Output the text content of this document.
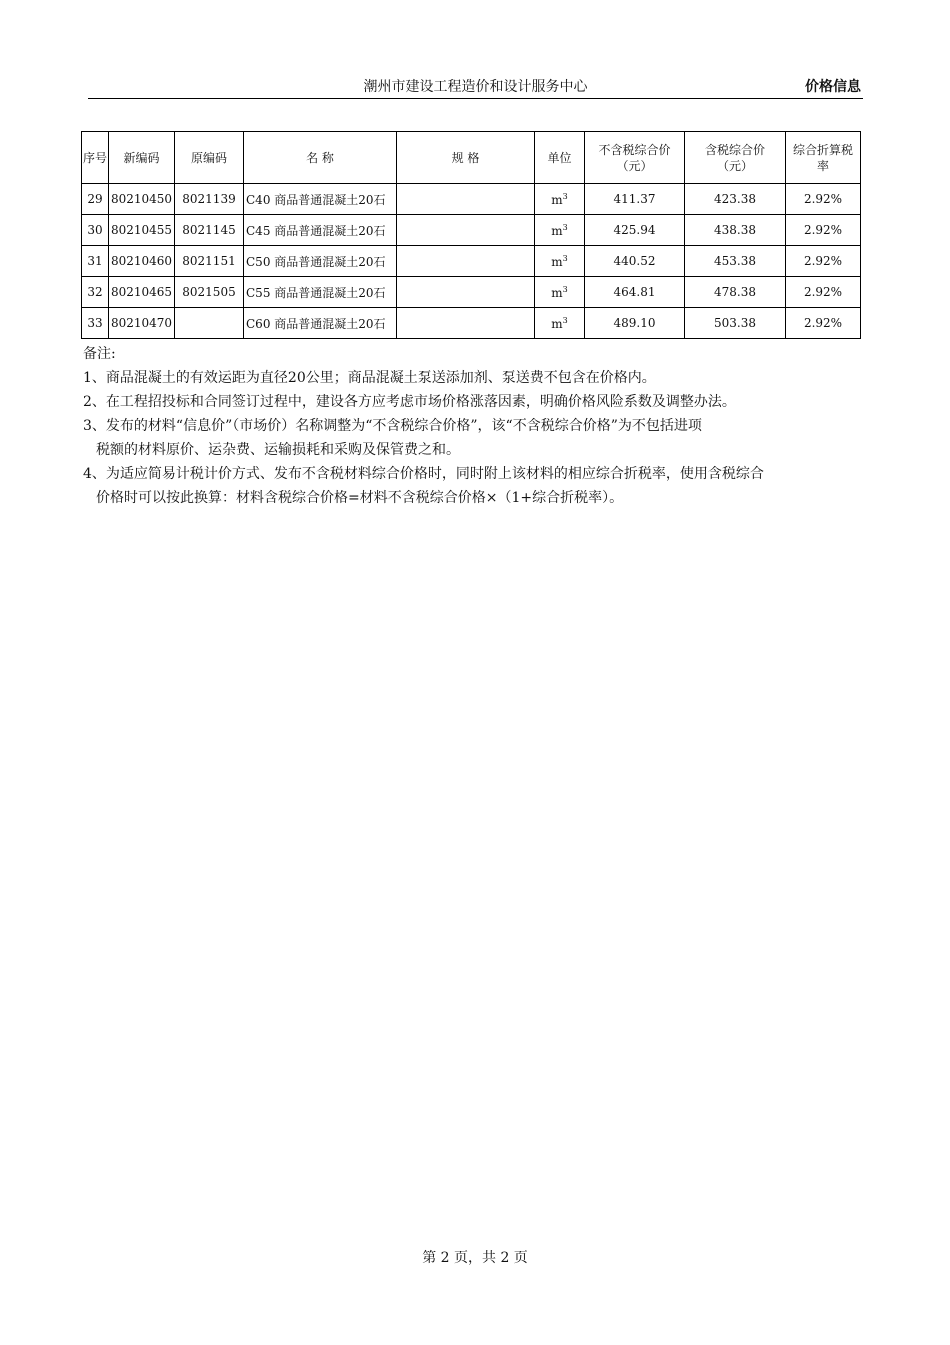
潮州市建设工程造价和设计服务中心	价格信息
序号	新编码	原编码	名 称	规 格	单位	不含税综合价（元）	含税综合价（元）	综合折算税率
29	80210450	8021139	C40 商品普通混凝土20石		$m^3$	411.37	423.38	2.92%
30	80210455	8021145	C45 商品普通混凝土20石		$m^3$	425.94	438.38	2.92%
31	80210460	8021151	C50 商品普通混凝土20石		$m^3$	440.52	453.38	2.92%
32	80210465	8021505	C55 商品普通混凝土20石		$m^3$	464.81	478.38	2.92%
33	80210470		C60 商品普通混凝土20石		$m^3$	489.10	503.38	2.92%
备注:
1、商品混凝土的有效运距为直径20公里；商品混凝土泵送添加剂、泵送费不包含在价格内。
2、在工程招投标和合同签订过程中，建设各方应考虑市场价格涨落因素，明确价格风险系数及调整办法。
3、发布的材料“信息价”（市场价）名称调整为“不含税综合价格”，该“不含税综合价格”为不包括进项
税额的材料原价、运杂费、运输损耗和采购及保管费之和。
4、为适应简易计税计价方式、发布不含税材料综合价格时，同时附上该材料的相应综合折税率，使用含税综合
价格时可以按此换算：材料含税综合价格=材料不含税综合价格×（1+综合折税率）。
第 2 页，共 2 页
